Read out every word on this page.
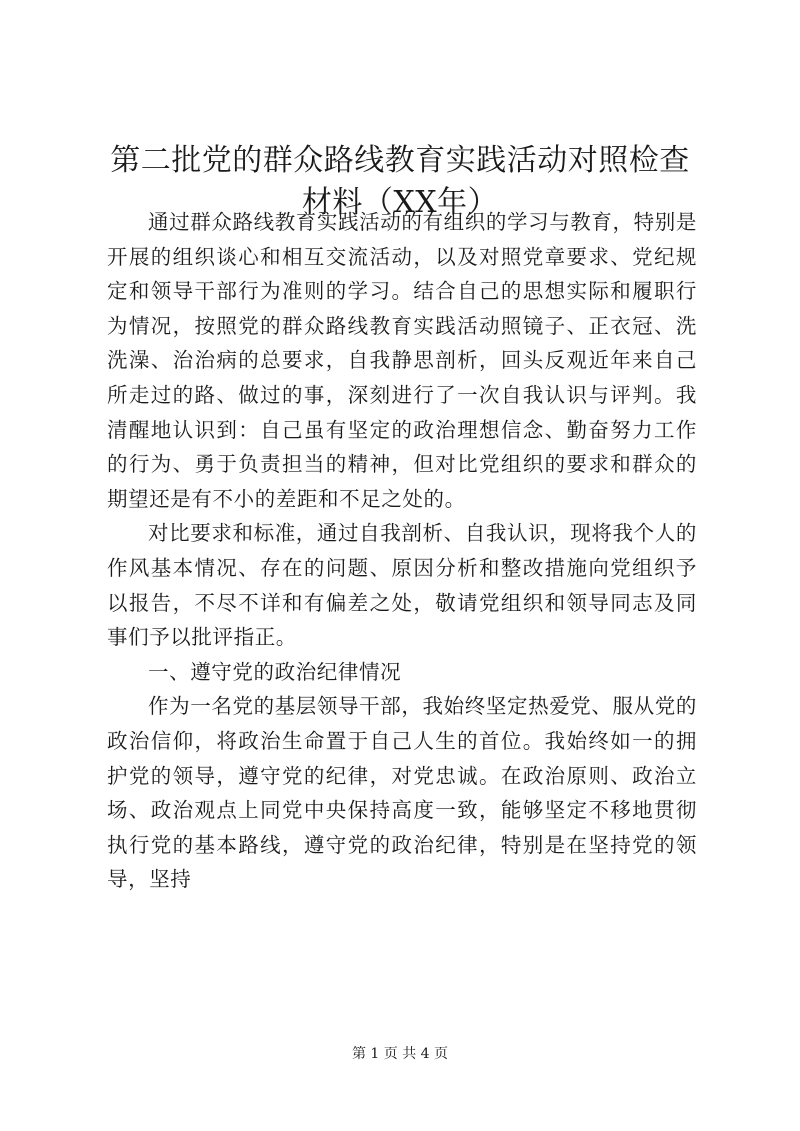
第二批党的群众路线教育实践活动对照检查材料（XX年）

通过群众路线教育实践活动的有组织的学习与教育，特别是开展的组织谈心和相互交流活动，以及对照党章要求、党纪规定和领导干部行为准则的学习。结合自己的思想实际和履职行为情况，按照党的群众路线教育实践活动照镜子、正衣冠、洗洗澡、治治病的总要求，自我静思剖析，回头反观近年来自己所走过的路、做过的事，深刻进行了一次自我认识与评判。我清醒地认识到：自己虽有坚定的政治理想信念、勤奋努力工作的行为、勇于负责担当的精神，但对比党组织的要求和群众的期望还是有不小的差距和不足之处的。

对比要求和标准，通过自我剖析、自我认识，现将我个人的作风基本情况、存在的问题、原因分析和整改措施向党组织予以报告，不尽不详和有偏差之处，敬请党组织和领导同志及同事们予以批评指正。

一、遵守党的政治纪律情况

作为一名党的基层领导干部，我始终坚定热爱党、服从党的政治信仰，将政治生命置于自己人生的首位。我始终如一的拥护党的领导，遵守党的纪律，对党忠诚。在政治原则、政治立场、政治观点上同党中央保持高度一致，能够坚定不移地贯彻执行党的基本路线，遵守党的政治纪律，特别是在坚持党的领导，坚持

第 1 页 共 4 页
